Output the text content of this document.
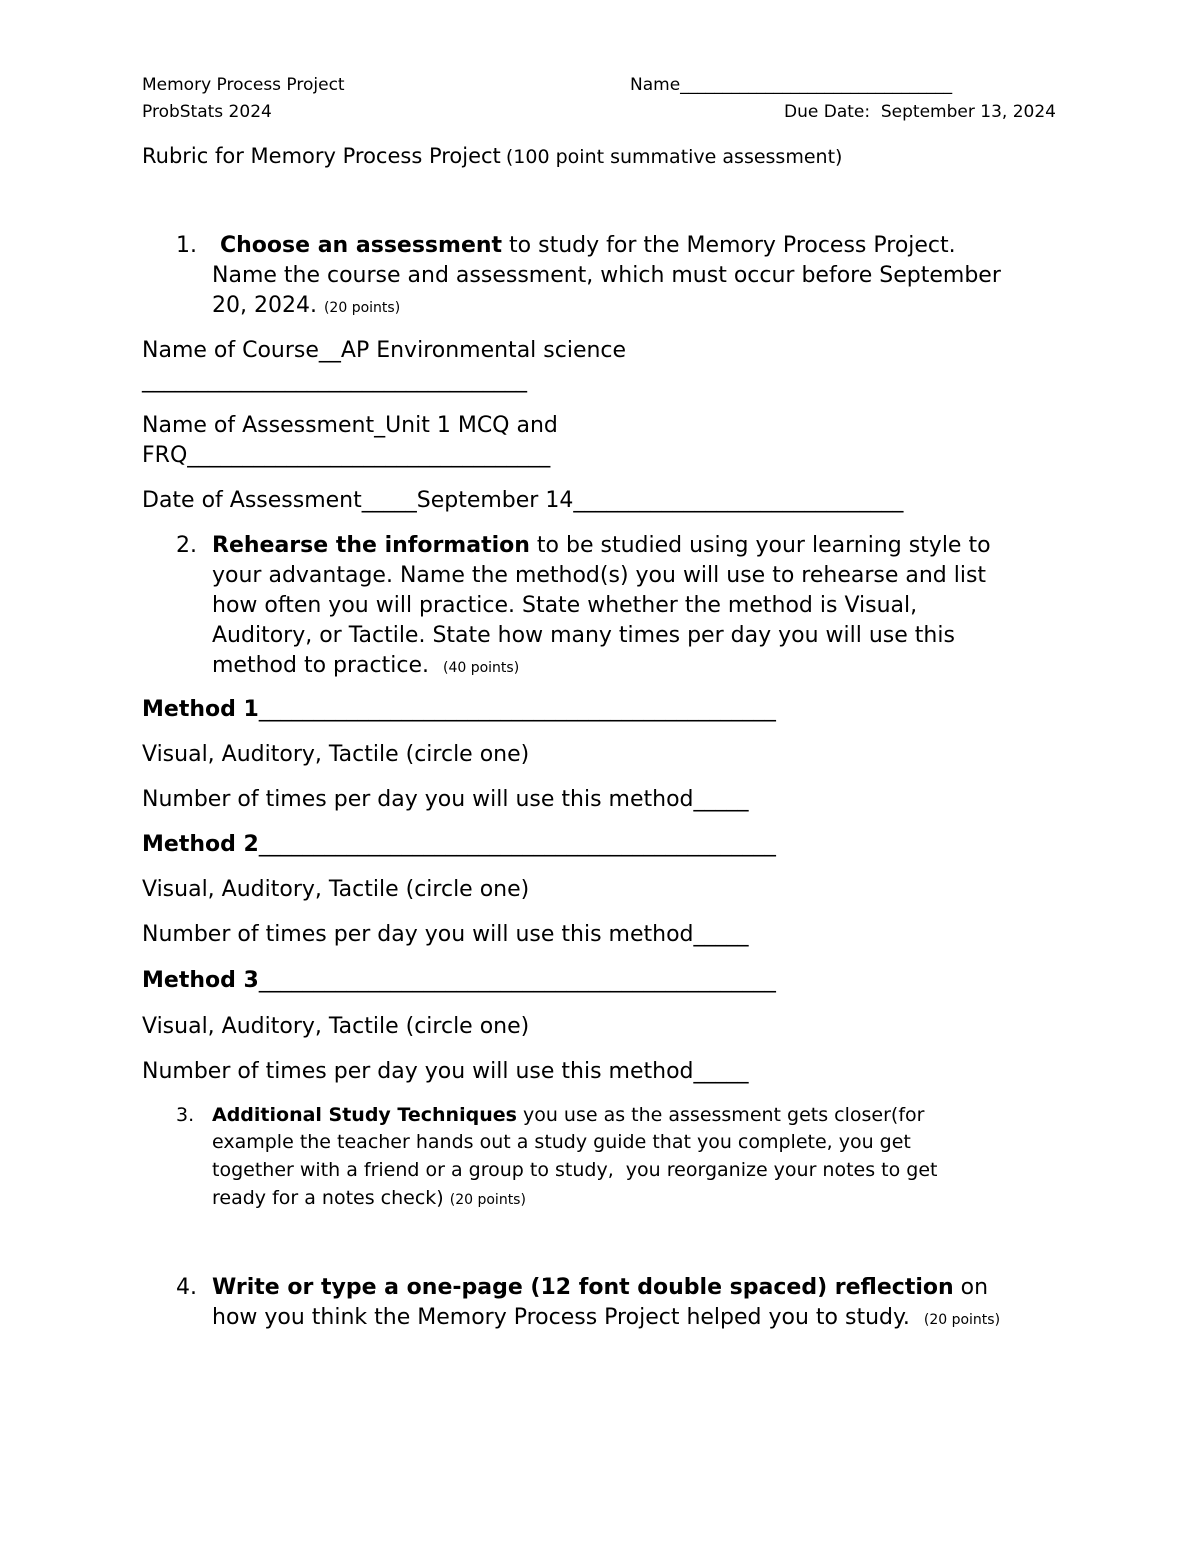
Memory Process Project	Name________________________________
ProbStats 2024	Due Date:  September 13, 2024
Rubric for Memory Process Project (100 point summative assessment)
1. Choose an assessment to study for the Memory Process Project.
Name the course and assessment, which must occur before September
20, 2024. (20 points)
Name of Course__AP Environmental science
___________________________________
Name of Assessment_Unit 1 MCQ and
FRQ_________________________________
Date of Assessment_____September 14______________________________
2. Rehearse the information to be studied using your learning style to
your advantage. Name the method(s) you will use to rehearse and list
how often you will practice. State whether the method is Visual,
Auditory, or Tactile. State how many times per day you will use this
method to practice. (40 points)
Method 1_______________________________________________
Visual, Auditory, Tactile (circle one)
Number of times per day you will use this method_____
Method 2_______________________________________________
Visual, Auditory, Tactile (circle one)
Number of times per day you will use this method_____
Method 3_______________________________________________
Visual, Auditory, Tactile (circle one)
Number of times per day you will use this method_____
3. Additional Study Techniques you use as the assessment gets closer(for
example the teacher hands out a study guide that you complete, you get
together with a friend or a group to study,  you reorganize your notes to get
ready for a notes check) (20 points)
4. Write or type a one-page (12 font double spaced) reflection on
how you think the Memory Process Project helped you to study. (20 points)
